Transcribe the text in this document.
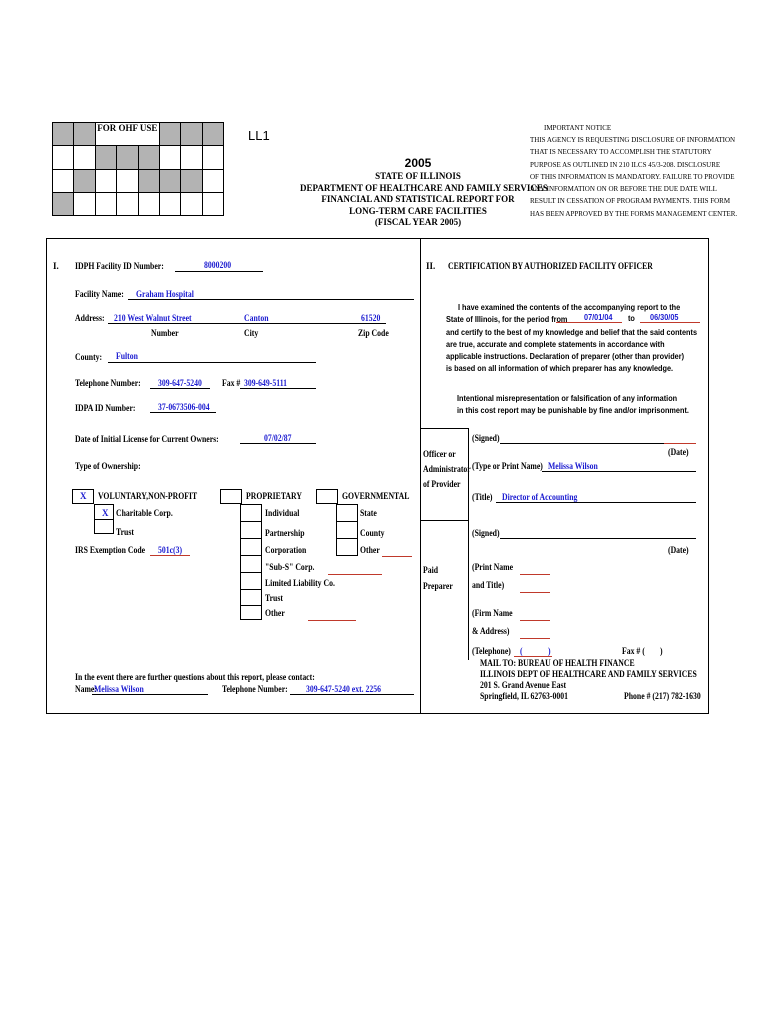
		FOR OHF USE					

								LL1	IMPORTANT NOTICE
THIS AGENCY IS REQUESTING DISCLOSURE OF INFORMATION
THAT IS NECESSARY TO ACCOMPLISH THE STATUTORY
PURPOSE AS OUTLINED IN 210 ILCS 45/3-208. DISCLOSURE
OF THIS INFORMATION IS MANDATORY. FAILURE TO PROVIDE
ANY INFORMATION ON OR BEFORE THE DUE DATE WILL
RESULT IN CESSATION OF PROGRAM PAYMENTS. THIS FORM
HAS BEEN APPROVED BY THE FORMS MANAGEMENT CENTER.
2005
STATE OF ILLINOIS
DEPARTMENT OF HEALTHCARE AND FAMILY SERVICES
FINANCIAL AND STATISTICAL REPORT FOR
LONG-TERM CARE FACILITIES
(FISCAL YEAR 2005)
I. IDPH Facility ID Number:	8000200
Facility Name: Graham Hospital
Address: 210 West Walnut Street	Canton	61520
Number	City	Zip Code
County: Fulton
Telephone Number: 309-647-5240 Fax # 309-649-5111
IDPA ID Number:	37-0673506-004
Date of Initial License for Current Owners:	07/02/87
Type of Ownership:
X VOLUNTARY,NON-PROFIT
X Charitable Corp.
Trust
IRS Exemption Code 501c(3)
PROPRIETARY
Individual
Partnership
Corporation
"Sub-S" Corp.
Limited Liability Co.
Trust
Other
GOVERNMENTAL
State
County
Other
In the event there are further questions about this report, please contact:
Name:
Melissa Wilson	Telephone Number: 309-647-5240 ext. 2256
II. CERTIFICATION BY AUTHORIZED FACILITY OFFICER
I have examined the contents of the accompanying report to the
State of Illinois, for the period from 07/01/04 to 06/30/05
and certify to the best of my knowledge and belief that the said contents
are true, accurate and complete statements in accordance with
applicable instructions. Declaration of preparer (other than provider)
is based on all information of which preparer has any knowledge.
Intentional misrepresentation or falsification of any information
in this cost report may be punishable by fine and/or imprisonment.
Officer or
Administrator
of Provider
(Signed)
(Date)
(Type or Print Name) Melissa Wilson
(Title) Director of Accounting
(Signed)
(Date)
Paid
Preparer
(Print Name
and Title)
(Firm Name
& Address)
(Telephone) (	)	Fax # ( )
MAIL TO: BUREAU OF HEALTH FINANCE
ILLINOIS DEPT OF HEALTHCARE AND FAMILY SERVICES
201 S. Grand Avenue East
Springfield, IL 62763-0001	Phone # (217) 782-1630
